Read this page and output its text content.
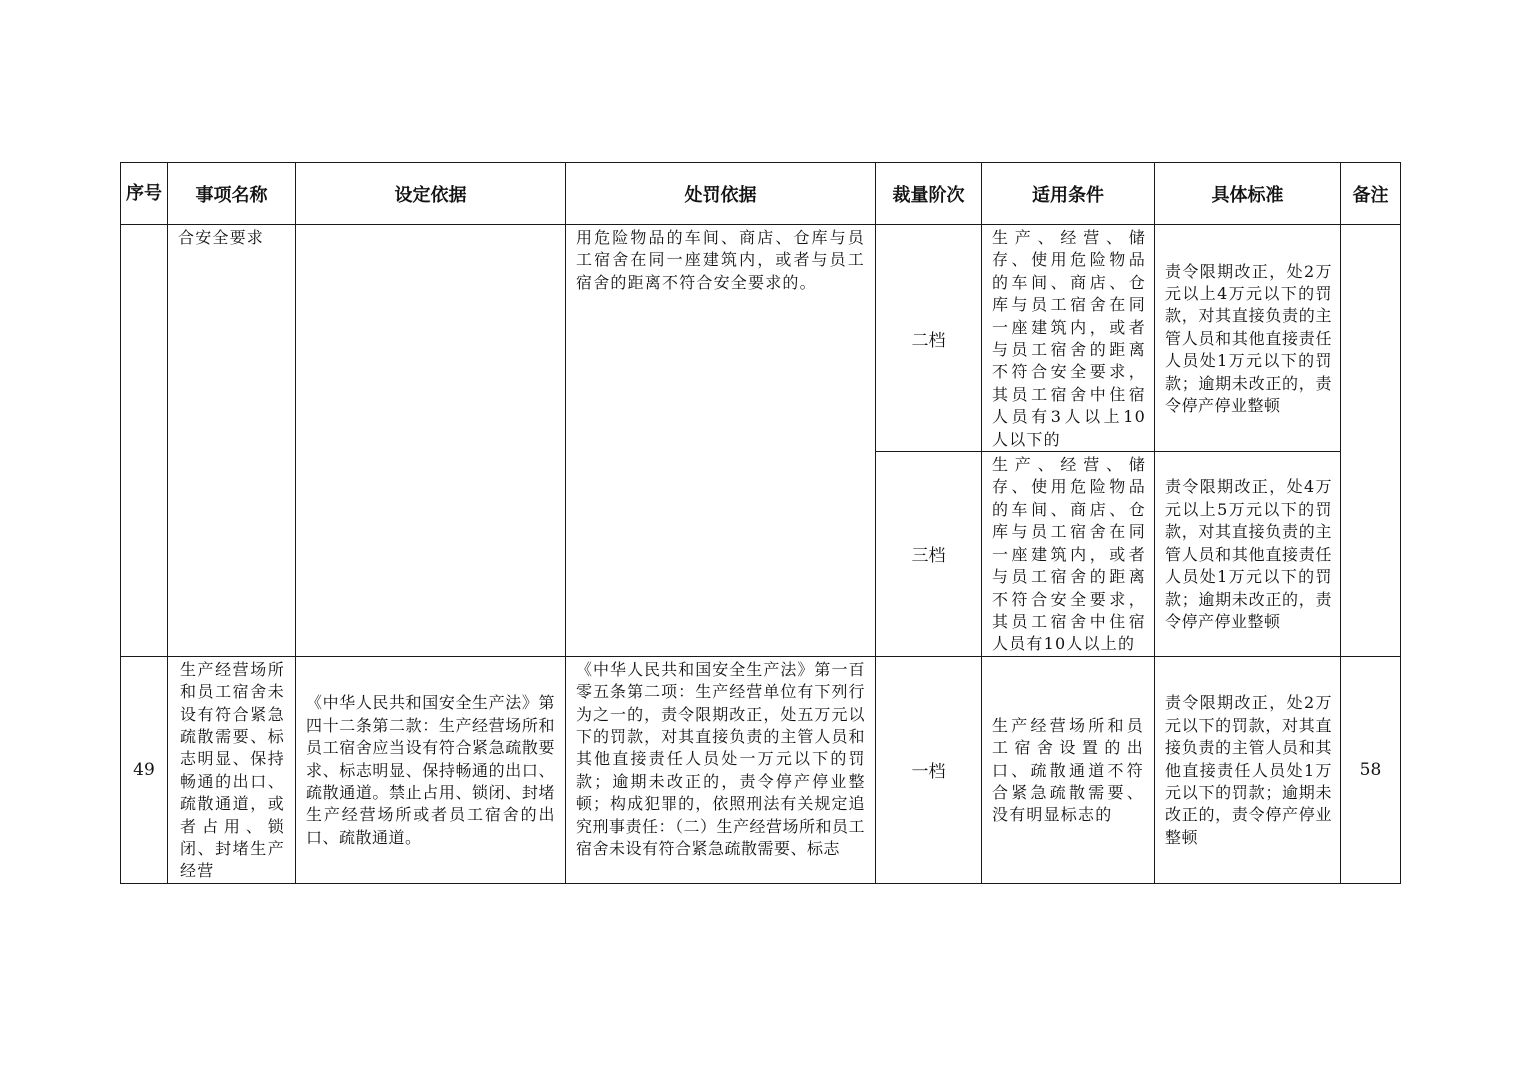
序号	事项名称	设定依据	处罚依据	裁量阶次	适用条件	具体标准	备注

	合安全要求		用危险物品的车间、商店、仓库与员工宿舍在同一座建筑内，或者与员工宿舍的距离不符合安全要求的。	二档	生产、经营、储存、使用危险物品的车间、商店、仓库与员工宿舍在同一座建筑内，或者与员工宿舍的距离不符合安全要求，其员工宿舍中住宿人员有3人以上10人以下的	责令限期改正，处2万元以上4万元以下的罚款，对其直接负责的主管人员和其他直接责任人员处1万元以下的罚款；逾期未改正的，责令停产停业整顿	

				三档	生产、经营、储存、使用危险物品的车间、商店、仓库与员工宿舍在同一座建筑内，或者与员工宿舍的距离不符合安全要求，其员工宿舍中住宿人员有10人以上的	责令限期改正，处4万元以上5万元以下的罚款，对其直接负责的主管人员和其他直接责任人员处1万元以下的罚款；逾期未改正的，责令停产停业整顿	

49	生产经营场所和员工宿舍未设有符合紧急疏散需要、标志明显、保持畅通的出口、疏散通道，或者占用、锁闭、封堵生产经营	《中华人民共和国安全生产法》第四十二条第二款：生产经营场所和员工宿舍应当设有符合紧急疏散要求、标志明显、保持畅通的出口、疏散通道。禁止占用、锁闭、封堵生产经营场所或者员工宿舍的出口、疏散通道。	《中华人民共和国安全生产法》第一百零五条第二项：生产经营单位有下列行为之一的，责令限期改正，处五万元以下的罚款，对其直接负责的主管人员和其他直接责任人员处一万元以下的罚款；逾期未改正的，责令停产停业整顿；构成犯罪的，依照刑法有关规定追究刑事责任：（二）生产经营场所和员工宿舍未设有符合紧急疏散需要、标志	一档	生产经营场所和员工宿舍设置的出口、疏散通道不符合紧急疏散需要、没有明显标志的	责令限期改正，处2万元以下的罚款，对其直接负责的主管人员和其他直接责任人员处1万元以下的罚款；逾期未改正的，责令停产停业整顿	58
